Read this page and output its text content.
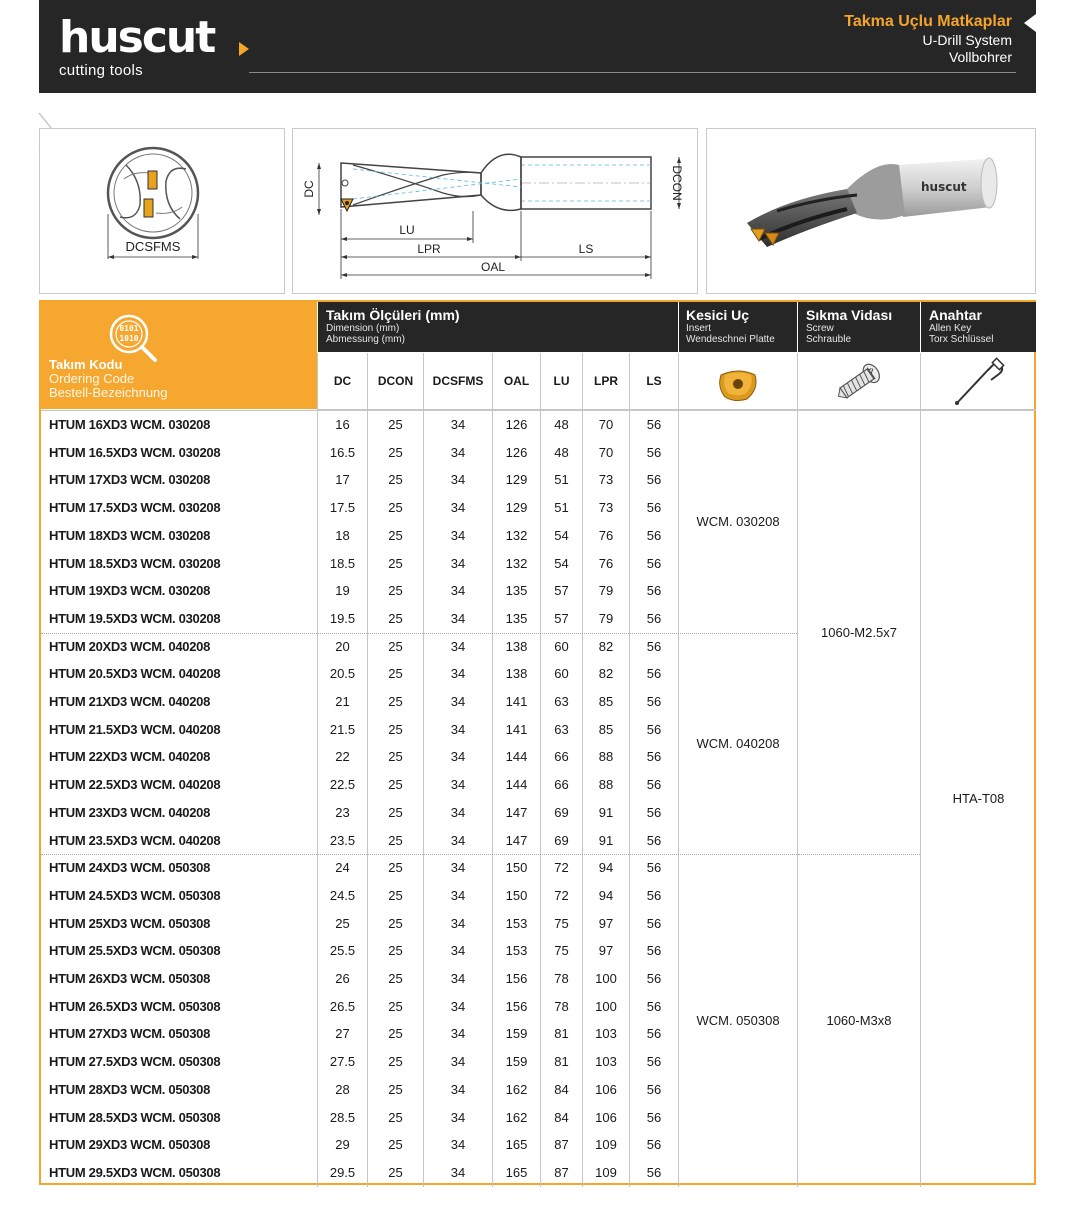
huscut
cutting tools
Takma Uçlu Matkaplar
U-Drill System
Vollbohrer
DCSFMS
DC	DCON
LU
LPR	LS
OAL
huscut
0101
1010
Takım Kodu
Ordering Code
Bestell-Bezeichnung
Takım Ölçüleri (mm)
Dimension (mm)
Abmessung (mm)
Kesici Uç
Insert
Wendeschnei Platte
Sıkma Vidası
Screw
Schrauble
Anahtar
Allen Key
Torx Schlüssel
DC	DCON	DCSFMS	OAL	LU	LPR	LS
HTUM 16XD3 WCM. 030208	16	25	34	126	48	70	56
HTUM 16.5XD3 WCM. 030208	16.5	25	34	126	48	70	56
HTUM 17XD3 WCM. 030208	17	25	34	129	51	73	56
HTUM 17.5XD3 WCM. 030208	17.5	25	34	129	51	73	56
HTUM 18XD3 WCM. 030208	18	25	34	132	54	76	56
HTUM 18.5XD3 WCM. 030208	18.5	25	34	132	54	76	56
HTUM 19XD3 WCM. 030208	19	25	34	135	57	79	56
HTUM 19.5XD3 WCM. 030208	19.5	25	34	135	57	79	56
HTUM 20XD3 WCM. 040208	20	25	34	138	60	82	56
HTUM 20.5XD3 WCM. 040208	20.5	25	34	138	60	82	56
HTUM 21XD3 WCM. 040208	21	25	34	141	63	85	56
HTUM 21.5XD3 WCM. 040208	21.5	25	34	141	63	85	56
HTUM 22XD3 WCM. 040208	22	25	34	144	66	88	56
HTUM 22.5XD3 WCM. 040208	22.5	25	34	144	66	88	56
HTUM 23XD3 WCM. 040208	23	25	34	147	69	91	56
HTUM 23.5XD3 WCM. 040208	23.5	25	34	147	69	91	56
HTUM 24XD3 WCM. 050308	24	25	34	150	72	94	56
HTUM 24.5XD3 WCM. 050308	24.5	25	34	150	72	94	56
HTUM 25XD3 WCM. 050308	25	25	34	153	75	97	56
HTUM 25.5XD3 WCM. 050308	25.5	25	34	153	75	97	56
HTUM 26XD3 WCM. 050308	26	25	34	156	78	100	56
HTUM 26.5XD3 WCM. 050308	26.5	25	34	156	78	100	56
HTUM 27XD3 WCM. 050308	27	25	34	159	81	103	56
HTUM 27.5XD3 WCM. 050308	27.5	25	34	159	81	103	56
HTUM 28XD3 WCM. 050308	28	25	34	162	84	106	56
HTUM 28.5XD3 WCM. 050308	28.5	25	34	162	84	106	56
HTUM 29XD3 WCM. 050308	29	25	34	165	87	109	56
HTUM 29.5XD3 WCM. 050308	29.5	25	34	165	87	109	56
WCM. 030208
WCM. 040208
WCM. 050308
1060-M2.5x7
1060-M3x8
HTA-T08
